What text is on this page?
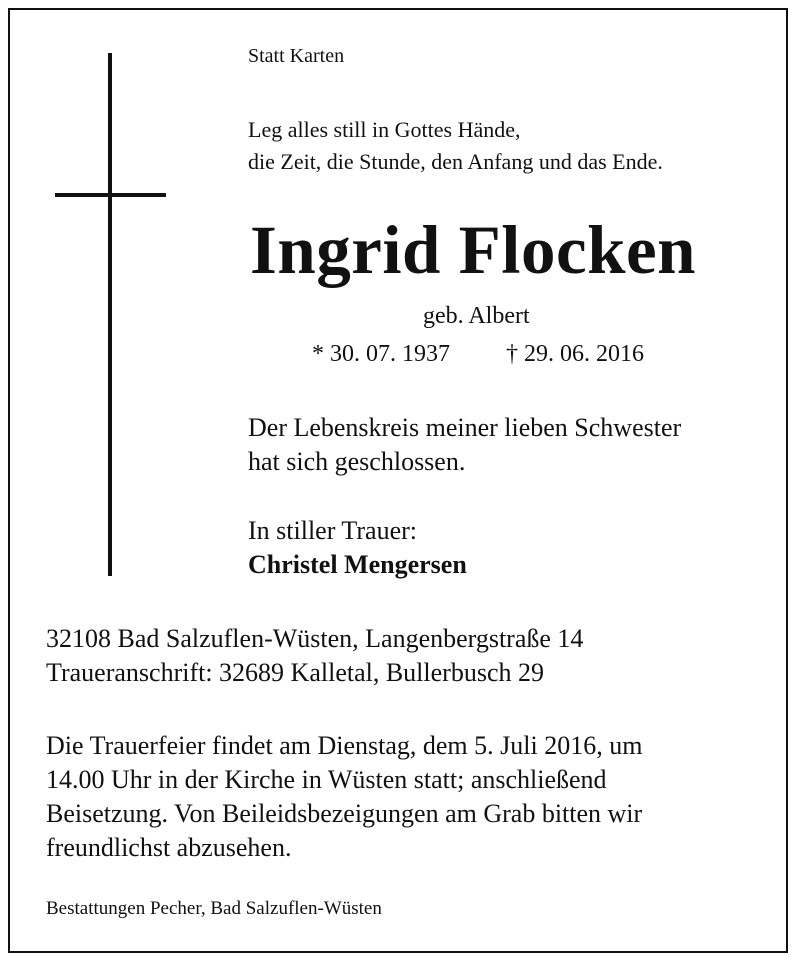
Statt Karten
Leg alles still in Gottes Hände,
die Zeit, die Stunde, den Anfang und das Ende.
Ingrid Flocken
geb. Albert
* 30. 07. 1937 † 29. 06. 2016
Der Lebenskreis meiner lieben Schwester
hat sich geschlossen.
In stiller Trauer:
Christel Mengersen
32108 Bad Salzuflen-Wüsten, Langenbergstraße 14
Traueranschrift: 32689 Kalletal, Bullerbusch 29
Die Trauerfeier findet am Dienstag, dem 5. Juli 2016, um
14.00 Uhr in der Kirche in Wüsten statt; anschließend
Beisetzung. Von Beileidsbezeigungen am Grab bitten wir
freundlichst abzusehen.
Bestattungen Pecher, Bad Salzuflen-Wüsten
